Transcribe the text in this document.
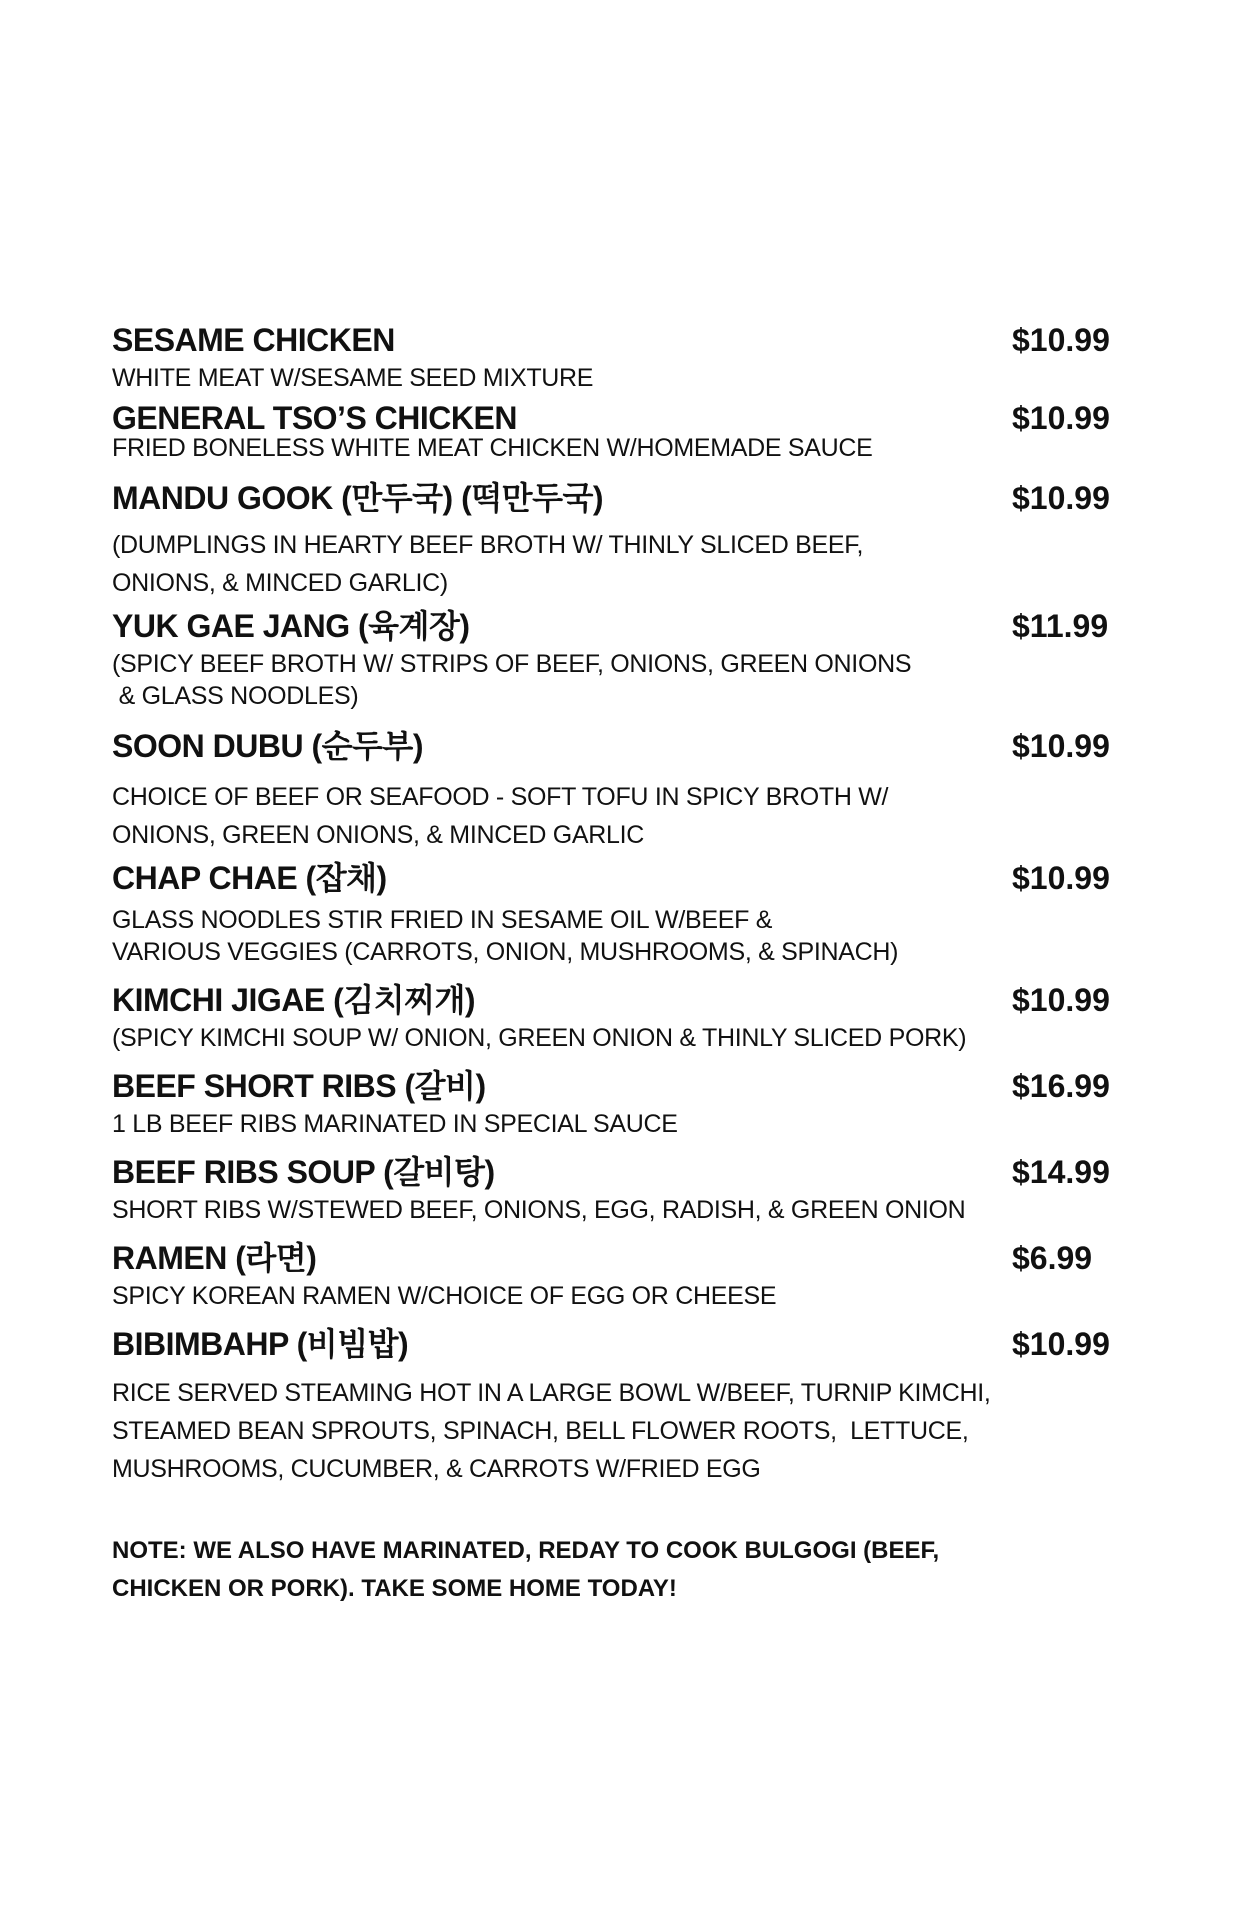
SESAME CHICKEN	$10.99
WHITE MEAT W/SESAME SEED MIXTURE
GENERAL TSO’S CHICKEN	$10.99
FRIED BONELESS WHITE MEAT CHICKEN W/HOMEMADE SAUCE
MANDU GOOK (만두국) (떡만두국)	$10.99
(DUMPLINGS IN HEARTY BEEF BROTH W/ THINLY SLICED BEEF,
ONIONS, & MINCED GARLIC)
YUK GAE JANG (육계장)	$11.99
(SPICY BEEF BROTH W/ STRIPS OF BEEF, ONIONS, GREEN ONIONS
& GLASS NOODLES)
SOON DUBU (순두부)	$10.99
CHOICE OF BEEF OR SEAFOOD - SOFT TOFU IN SPICY BROTH W/
ONIONS, GREEN ONIONS, & MINCED GARLIC
CHAP CHAE (잡채)	$10.99
GLASS NOODLES STIR FRIED IN SESAME OIL W/BEEF &
VARIOUS VEGGIES (CARROTS, ONION, MUSHROOMS, & SPINACH)
KIMCHI JIGAE (김치찌개)	$10.99
(SPICY KIMCHI SOUP W/ ONION, GREEN ONION & THINLY SLICED PORK)
BEEF SHORT RIBS (갈비)	$16.99
1 LB BEEF RIBS MARINATED IN SPECIAL SAUCE
BEEF RIBS SOUP (갈비탕)	$14.99
SHORT RIBS W/STEWED BEEF, ONIONS, EGG, RADISH, & GREEN ONION
RAMEN (라면)	$6.99
SPICY KOREAN RAMEN W/CHOICE OF EGG OR CHEESE
BIBIMBAHP (비빔밥)	$10.99
RICE SERVED STEAMING HOT IN A LARGE BOWL W/BEEF, TURNIP KIMCHI,
STEAMED BEAN SPROUTS, SPINACH, BELL FLOWER ROOTS,  LETTUCE,
MUSHROOMS, CUCUMBER, & CARROTS W/FRIED EGG
NOTE: WE ALSO HAVE MARINATED, REDAY TO COOK BULGOGI (BEEF,
CHICKEN OR PORK). TAKE SOME HOME TODAY!
